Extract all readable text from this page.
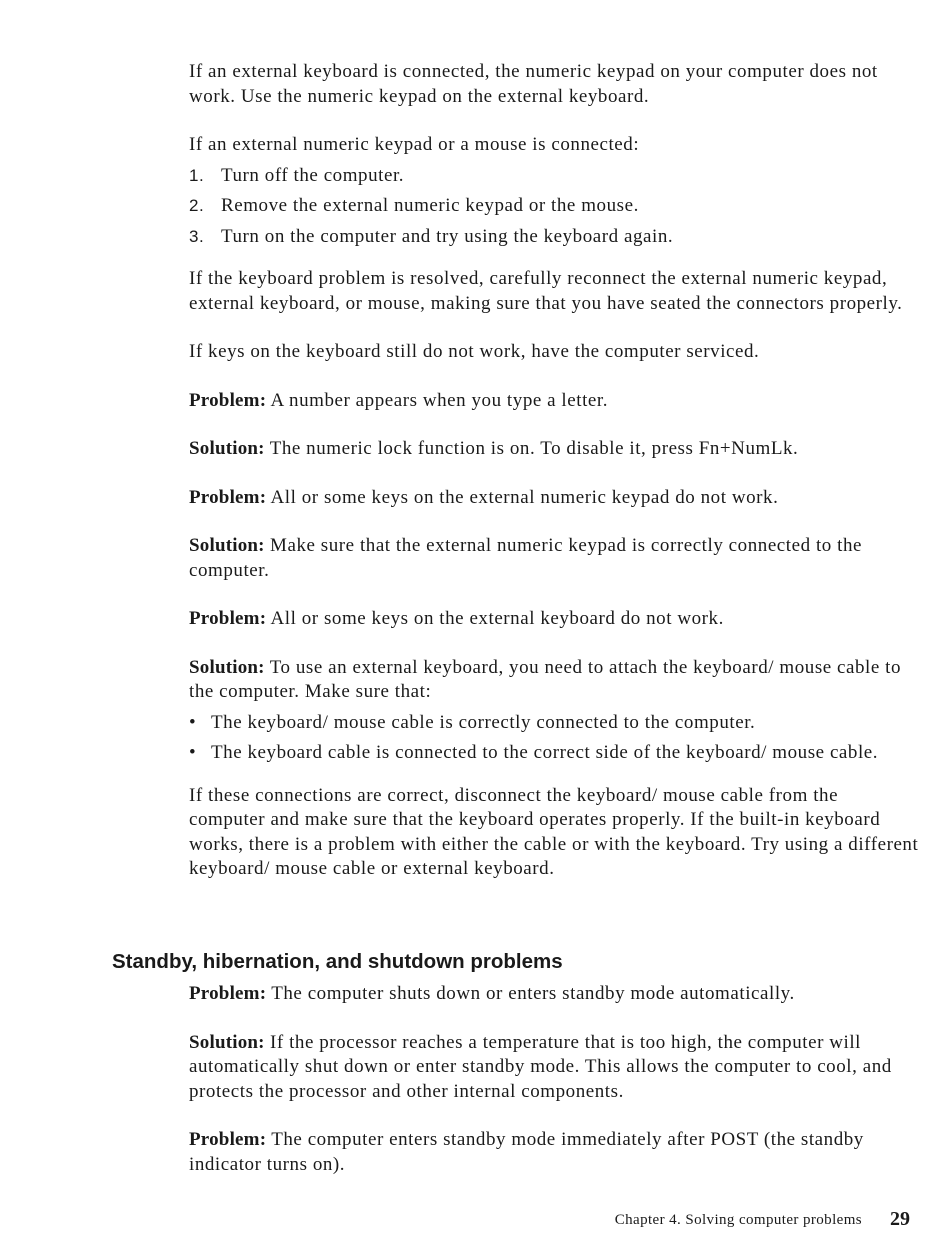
If an external keyboard is connected, the numeric keypad on your computer does not work. Use the numeric keypad on the external keyboard.

If an external numeric keypad or a mouse is connected:

1. Turn off the computer.
2. Remove the external numeric keypad or the mouse.
3. Turn on the computer and try using the keyboard again.

If the keyboard problem is resolved, carefully reconnect the external numeric keypad, external keyboard, or mouse, making sure that you have seated the connectors properly.

If keys on the keyboard still do not work, have the computer serviced.

Problem: A number appears when you type a letter.

Solution: The numeric lock function is on. To disable it, press Fn+NumLk.

Problem: All or some keys on the external numeric keypad do not work.

Solution: Make sure that the external numeric keypad is correctly connected to the computer.

Problem: All or some keys on the external keyboard do not work.

Solution: To use an external keyboard, you need to attach the keyboard/ mouse cable to the computer. Make sure that:

• The keyboard/ mouse cable is correctly connected to the computer.
• The keyboard cable is connected to the correct side of the keyboard/ mouse cable.

If these connections are correct, disconnect the keyboard/ mouse cable from the computer and make sure that the keyboard operates properly. If the built-in keyboard works, there is a problem with either the cable or with the keyboard. Try using a different keyboard/ mouse cable or external keyboard.

Standby, hibernation, and shutdown problems

Problem: The computer shuts down or enters standby mode automatically.

Solution: If the processor reaches a temperature that is too high, the computer will automatically shut down or enter standby mode. This allows the computer to cool, and protects the processor and other internal components.

Problem: The computer enters standby mode immediately after POST (the standby indicator turns on).

Chapter 4. Solving computer problems 29
